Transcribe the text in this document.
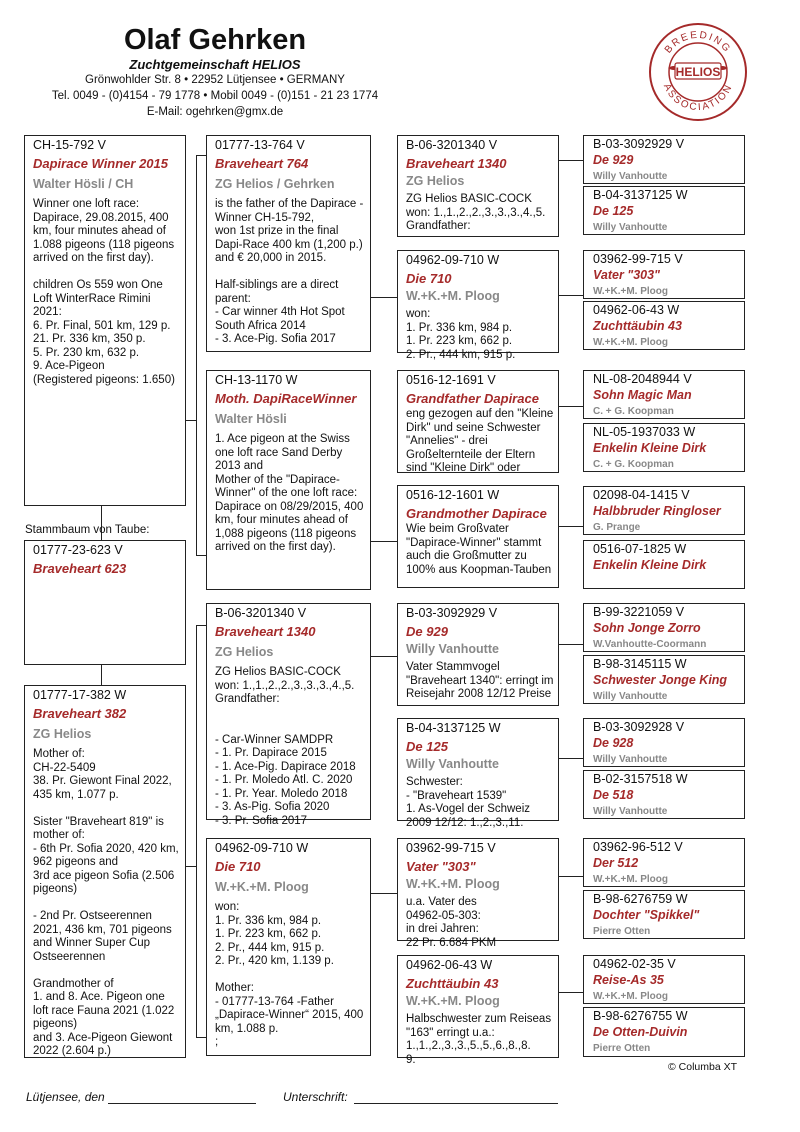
Olaf Gehrken
Zuchtgemeinschaft HELIOS
Grönwohlder Str. 8 • 22952 Lütjensee • GERMANY
Tel. 0049 - (0)4154 - 79 1778 • Mobil 0049 - (0)151 - 21 23 1774
E-Mail: ogehrken@gmx.de
BREEDING
ASSOCIATION
HELIOS
CH-15-792 V
Dapirace Winner 2015
Walter Hösli / CH
Winner one loft race: Dapirace, 29.08.2015, 400 km, four minutes ahead of 1.088 pigeons (118 pigeons arrived on the first day).

children Os 559 won One Loft WinterRace Rimini 2021:
6. Pr. Final, 501 km, 129 p.
21. Pr. 336 km, 350 p.
5. Pr. 230 km, 632 p.
9. Ace-Pigeon
(Registered pigeons: 1.650)
Stammbaum von Taube:
01777-23-623 V
Braveheart 623
01777-17-382 W
Braveheart 382
ZG Helios
Mother of:
CH-22-5409
38. Pr. Giewont Final 2022, 435 km, 1.077 p.

Sister "Braveheart 819" is mother of:
- 6th Pr. Sofia 2020, 420 km, 962 pigeons and
3rd ace pigeon Sofia (2.506 pigeons)

- 2nd Pr. Ostseerennen 2021, 436 km, 701 pigeons and Winner Super Cup Ostseerennen

Grandmother of
1. and 8. Ace. Pigeon one loft race Fauna 2021 (1.022 pigeons)
and 3. Ace-Pigeon Giewont 2022 (2.604 p.)
01777-13-764 V
Braveheart 764
ZG Helios / Gehrken
is the father of the Dapirace -Winner CH-15-792,
won 1st prize in the final Dapi-Race 400 km (1,200 p.)
and € 20,000 in 2015.

Half-siblings are a direct parent:
- Car winner 4th Hot Spot South Africa 2014
- 3. Ace-Pig. Sofia 2017
CH-13-1170 W
Moth. DapiRaceWinner
Walter Hösli
1. Ace pigeon at the Swiss one loft race Sand Derby 2013 and
Mother of the "Dapirace-Winner" of the one loft race: Dapirace on 08/29/2015, 400 km, four minutes ahead of 1,088 pigeons (118 pigeons arrived on the first day).
B-06-3201340 V
Braveheart 1340
ZG Helios
ZG Helios BASIC-COCK
won: 1.,1.,2.,2.,3.,3.,3.,4.,5.
Grandfather:

- Car-Winner SAMDPR
- 1. Pr. Dapirace 2015
- 1. Ace-Pig. Dapirace 2018
- 1. Pr. Moledo Atl. C. 2020
- 1. Pr. Year. Moledo 2018
- 3. As-Pig. Sofia 2020
- 3. Pr. Sofia 2017
04962-09-710 W
Die 710
W.+K.+M. Ploog
won:
1. Pr. 336 km, 984 p.
1. Pr. 223 km, 662 p.
2. Pr., 444 km, 915 p.
2. Pr., 420 km, 1.139 p.

Mother:
- 01777-13-764 -Father „Dapirace-Winner“ 2015, 400 km, 1.088 p.
;
B-06-3201340 V
Braveheart 1340
ZG Helios
ZG Helios BASIC-COCK
won: 1.,1.,2.,2.,3.,3.,3.,4.,5.
Grandfather:
04962-09-710 W
Die 710
W.+K.+M. Ploog
won:
1. Pr. 336 km, 984 p.
1. Pr. 223 km, 662 p.
2. Pr., 444 km, 915 p.
0516-12-1691 V
Grandfather Dapirace
eng gezogen auf den "Kleine Dirk" und seine Schwester "Annelies" - drei Großelternteile der Eltern sind "Kleine Dirk" oder
0516-12-1601 W
Grandmother Dapirace
Wie beim Großvater "Dapirace-Winner" stammt auch die Großmutter zu 100% aus Koopman-Tauben
B-03-3092929 V
De 929
Willy Vanhoutte
Vater Stammvogel "Braveheart 1340": erringt im Reisejahr 2008 12/12 Preise
B-04-3137125 W
De 125
Willy Vanhoutte
Schwester:
- "Braveheart 1539"
1. As-Vogel der Schweiz 2009 12/12: 1.,2.,3.,11.
03962-99-715 V
Vater "303"
W.+K.+M. Ploog
u.a. Vater des
04962-05-303:
in drei Jahren:
22 Pr. 6.684 PKM
04962-06-43 W
Zuchttäubin 43
W.+K.+M. Ploog
Halbschwester zum Reiseas "163" erringt u.a.:
1.,1.,2.,3.,3.,5.,5.,6.,8.,8.
9.
B-03-3092929 V
De 929
Willy Vanhoutte
B-04-3137125 W
De 125
Willy Vanhoutte
03962-99-715 V
Vater "303"
W.+K.+M. Ploog
04962-06-43 W
Zuchttäubin 43
W.+K.+M. Ploog
NL-08-2048944 V
Sohn Magic Man
C. + G. Koopman
NL-05-1937033 W
Enkelin Kleine Dirk
C. + G. Koopman
02098-04-1415 V
Halbbruder Ringloser
G. Prange
0516-07-1825 W
Enkelin Kleine Dirk
B-99-3221059 V
Sohn Jonge Zorro
W.Vanhoutte-Coormann
B-98-3145115 W
Schwester Jonge King
Willy Vanhoutte
B-03-3092928 V
De 928
Willy Vanhoutte
B-02-3157518 W
De 518
Willy Vanhoutte
03962-96-512 V
Der 512
W.+K.+M. Ploog
B-98-6276759 W
Dochter "Spikkel"
Pierre Otten
04962-02-35 V
Reise-As 35
W.+K.+M. Ploog
B-98-6276755 W
De Otten-Duivin
Pierre Otten
© Columba XT
Lütjensee, den	Unterschrift:
